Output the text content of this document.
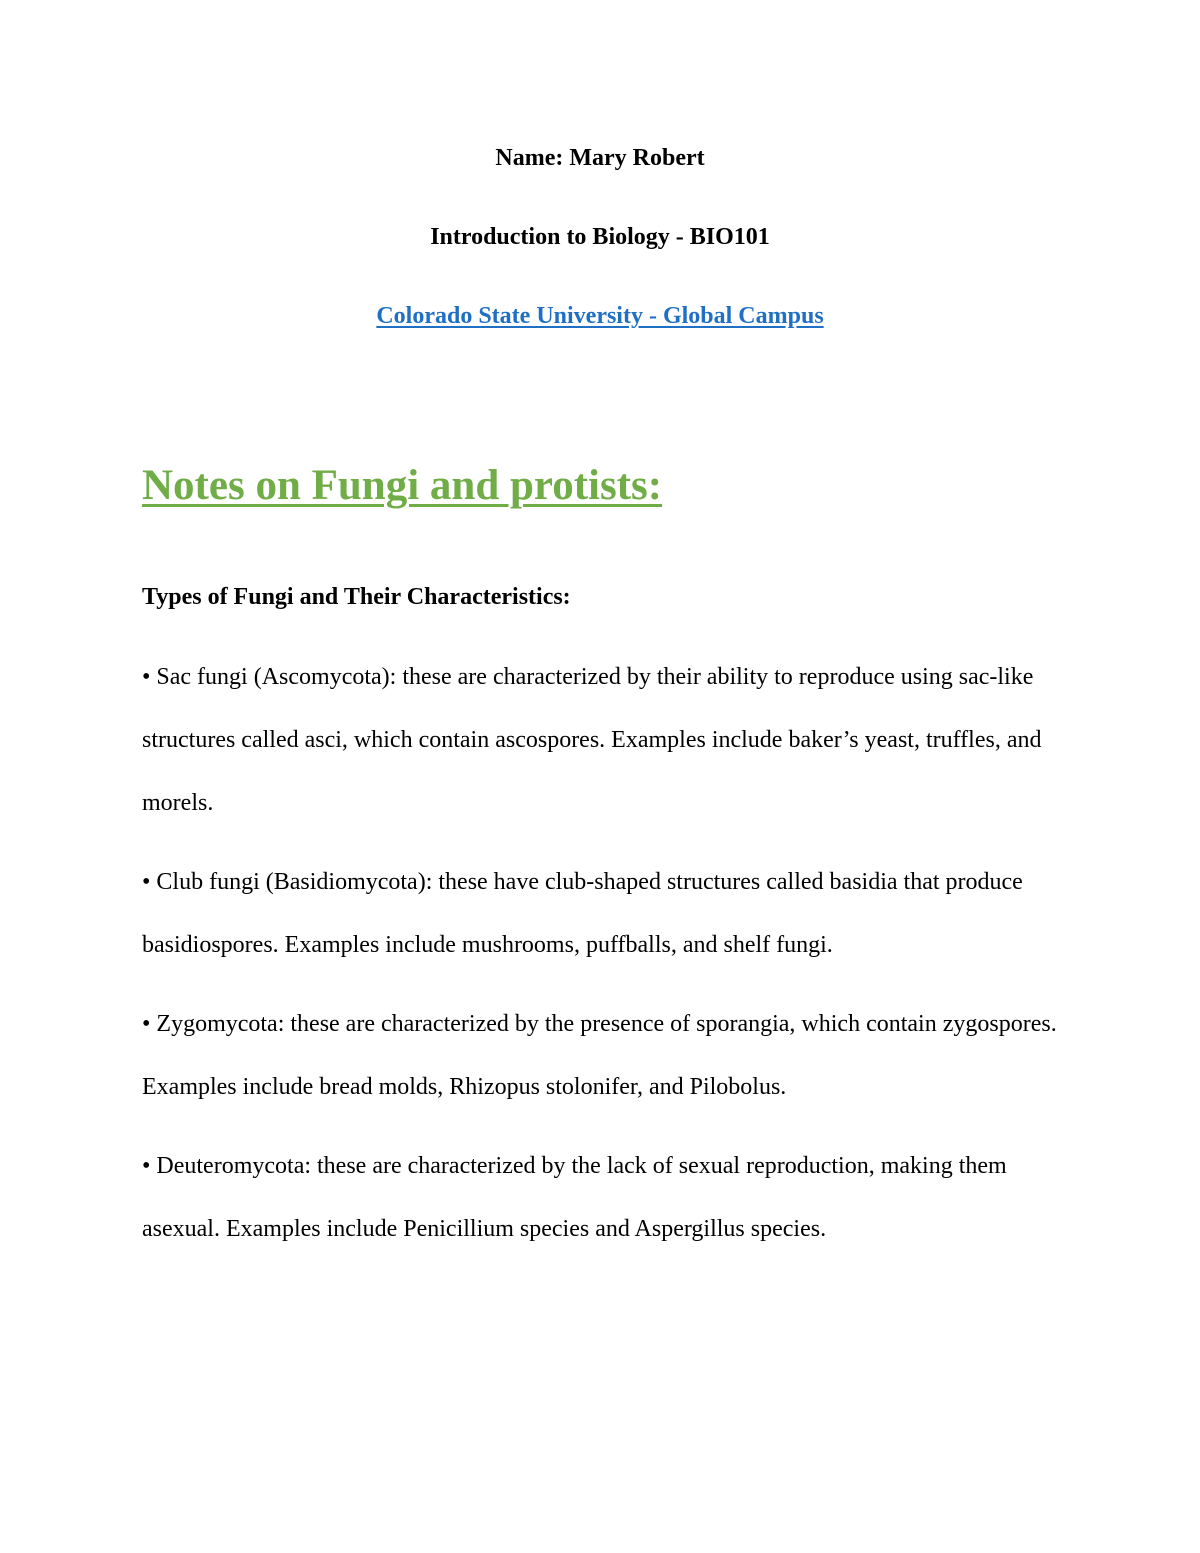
Name: Mary Robert
Introduction to Biology - BIO101
Colorado State University - Global Campus
Notes on Fungi and protists:
Types of Fungi and Their Characteristics:
• Sac fungi (Ascomycota): these are characterized by their ability to reproduce using sac-like structures called asci, which contain ascospores. Examples include baker’s yeast, truffles, and morels.
• Club fungi (Basidiomycota): these have club-shaped structures called basidia that produce basidiospores. Examples include mushrooms, puffballs, and shelf fungi.
• Zygomycota: these are characterized by the presence of sporangia, which contain zygospores. Examples include bread molds, Rhizopus stolonifer, and Pilobolus.
• Deuteromycota: these are characterized by the lack of sexual reproduction, making them asexual. Examples include Penicillium species and Aspergillus species.
